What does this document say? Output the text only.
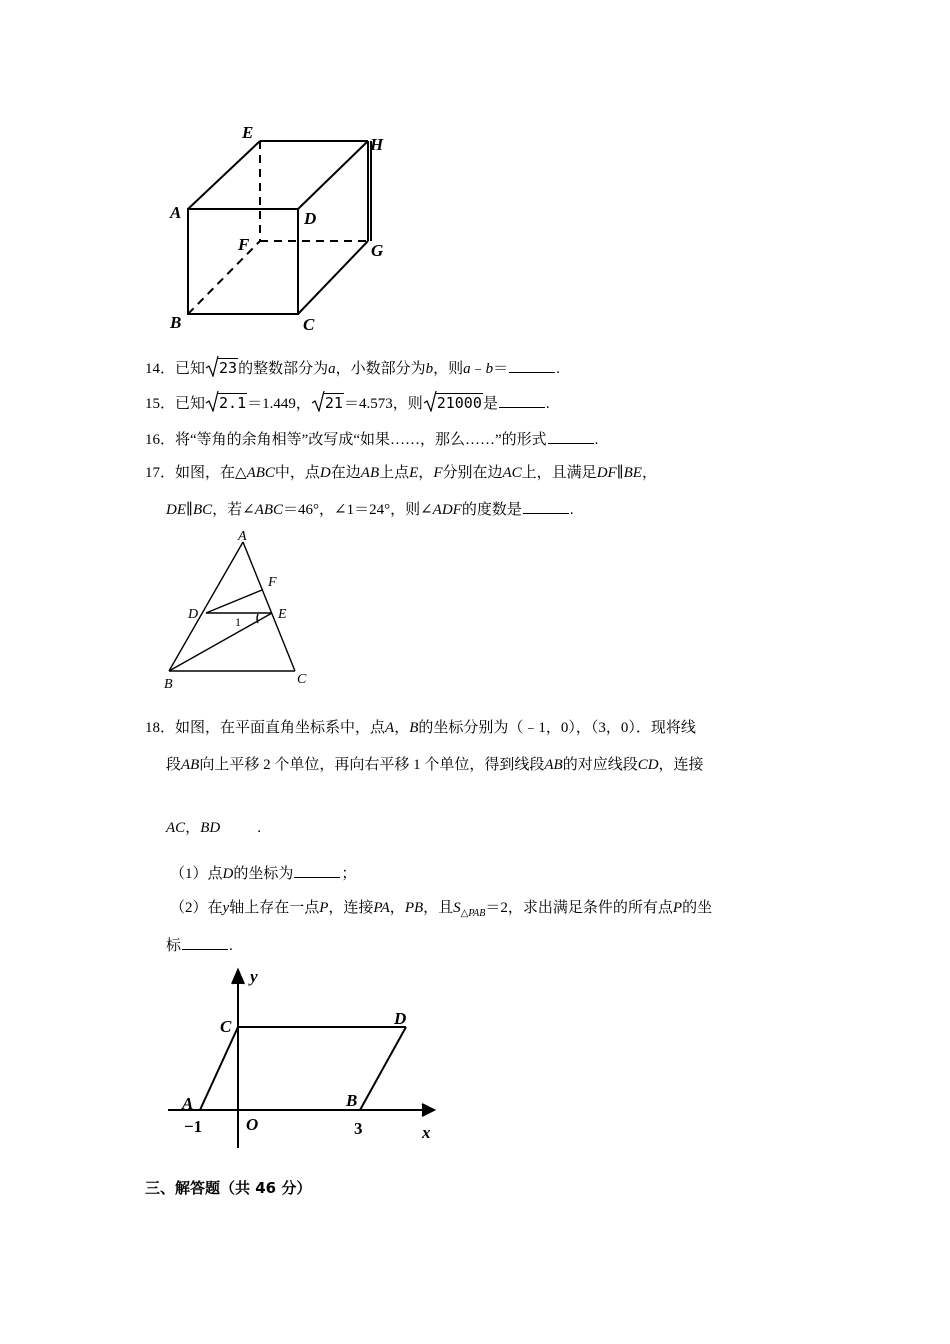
E
H
A	D
F	G
B	C
14．已知 23的整数部分为a，小数部分为b，则a﹣b＝	.
15．已知 2.1＝1.449， 21＝4.573，则 21000是	.
16．将“等角的余角相等”改写成“如果……，那么……”的形式	.
17．如图，在△ABC中，点D在边AB上点E，F分别在边AC上，且满足DF∥BE，
DE∥BC，若∠ABC＝46°，∠1＝24°，则∠ADF的度数是	.
A
F
D	E
B	C
1
18．如图，在平面直角坐标系中，点A，B的坐标分别为（﹣1，0），（3，0）．现将线
段AB向上平移 2 个单位，再向右平移 1 个单位，得到线段AB的对应线段CD，连接
AC，BD .
（1）点D的坐标为	；
（2）在y轴上存在一点P，连接PA，PB，且$S_{\triangle PAB}=2$，求出满足条件的所有点P的坐
标	.
y
C	D
A	B
O	x
−1	3
三、解答题（共 46 分）
